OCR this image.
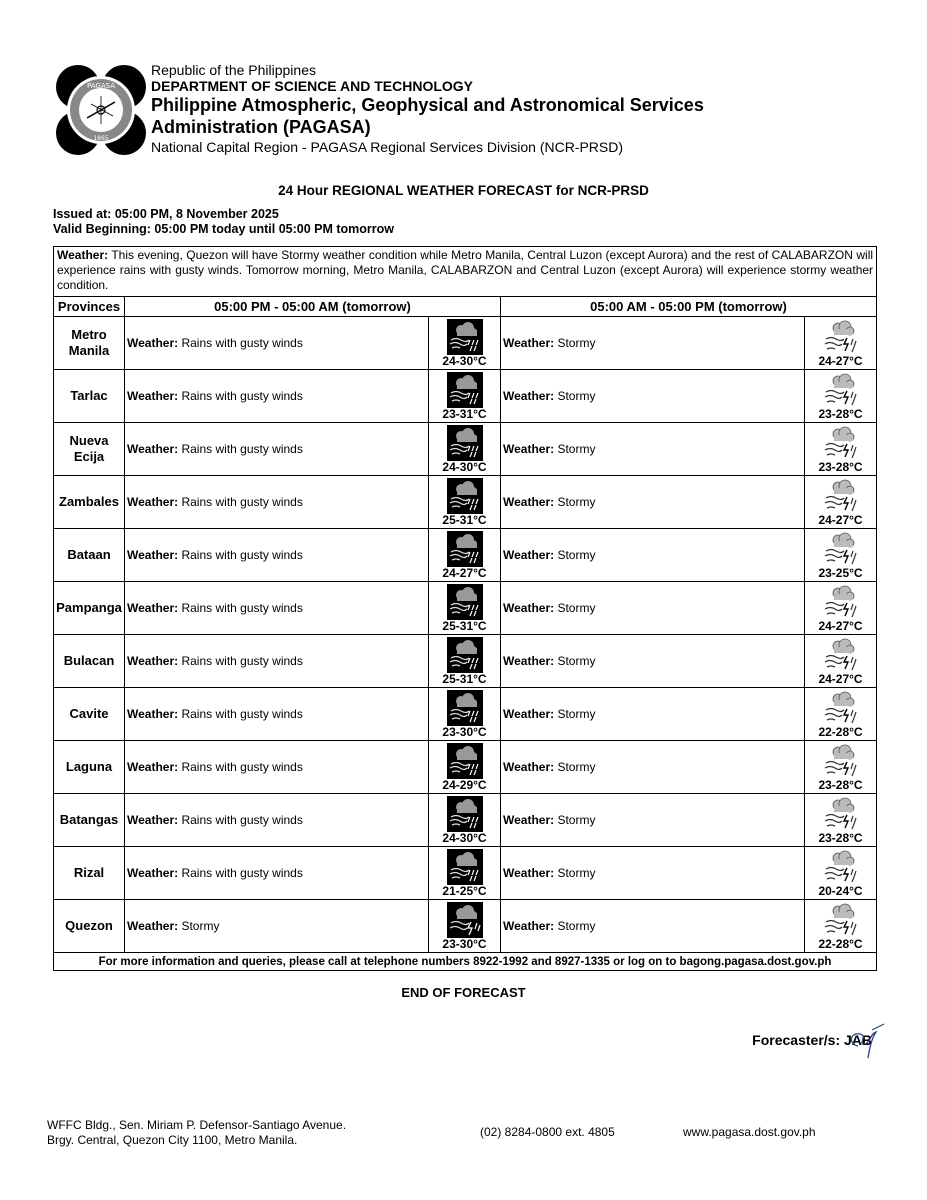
PAGASA
1865
Republic of the Philippines
DEPARTMENT OF SCIENCE AND TECHNOLOGY
Philippine Atmospheric, Geophysical and Astronomical Services
Administration (PAGASA)
National Capital Region - PAGASA Regional Services Division (NCR-PRSD)
24 Hour REGIONAL WEATHER FORECAST for NCR-PRSD
Issued at: 05:00 PM, 8 November 2025
Valid Beginning: 05:00 PM today until 05:00 PM tomorrow
Weather: This evening, Quezon will have Stormy weather condition while Metro Manila, Central Luzon (except Aurora) and the rest of CALABARZON will experience rains with gusty winds. Tomorrow morning, Metro Manila, CALABARZON and Central Luzon (except Aurora) will experience stormy weather condition.				
Provinces	05:00 PM - 05:00 AM (tomorrow)		05:00 AM - 05:00 PM (tomorrow)	
Metro Manila	Weather: Rains with gusty winds	24-30°C	Weather: Stormy	24-27°C

Tarlac	Weather: Rains with gusty winds	23-31°C	Weather: Stormy	23-28°C

Nueva Ecija	Weather: Rains with gusty winds	24-30°C	Weather: Stormy	23-28°C

Zambales	Weather: Rains with gusty winds	25-31°C	Weather: Stormy	24-27°C

Bataan	Weather: Rains with gusty winds	24-27°C	Weather: Stormy	23-25°C

Pampanga	Weather: Rains with gusty winds	25-31°C	Weather: Stormy	24-27°C

Bulacan	Weather: Rains with gusty winds	25-31°C	Weather: Stormy	24-27°C

Cavite	Weather: Rains with gusty winds	23-30°C	Weather: Stormy	22-28°C

Laguna	Weather: Rains with gusty winds	24-29°C	Weather: Stormy	23-28°C

Batangas	Weather: Rains with gusty winds	24-30°C	Weather: Stormy	23-28°C

Rizal	Weather: Rains with gusty winds	21-25°C	Weather: Stormy	20-24°C

Quezon	Weather: Stormy	23-30°C	Weather: Stormy	22-28°C

For more information and queries, please call at telephone numbers 8922-1992 and 8927-1335 or log on to bagong.pagasa.dost.gov.ph				
END OF FORECAST
Forecaster/s: JAB
WFFC Bldg., Sen. Miriam P. Defensor-Santiago Avenue.
Brgy. Central, Quezon City 1100, Metro Manila.
(02) 8284-0800 ext. 4805	www.pagasa.dost.gov.ph
